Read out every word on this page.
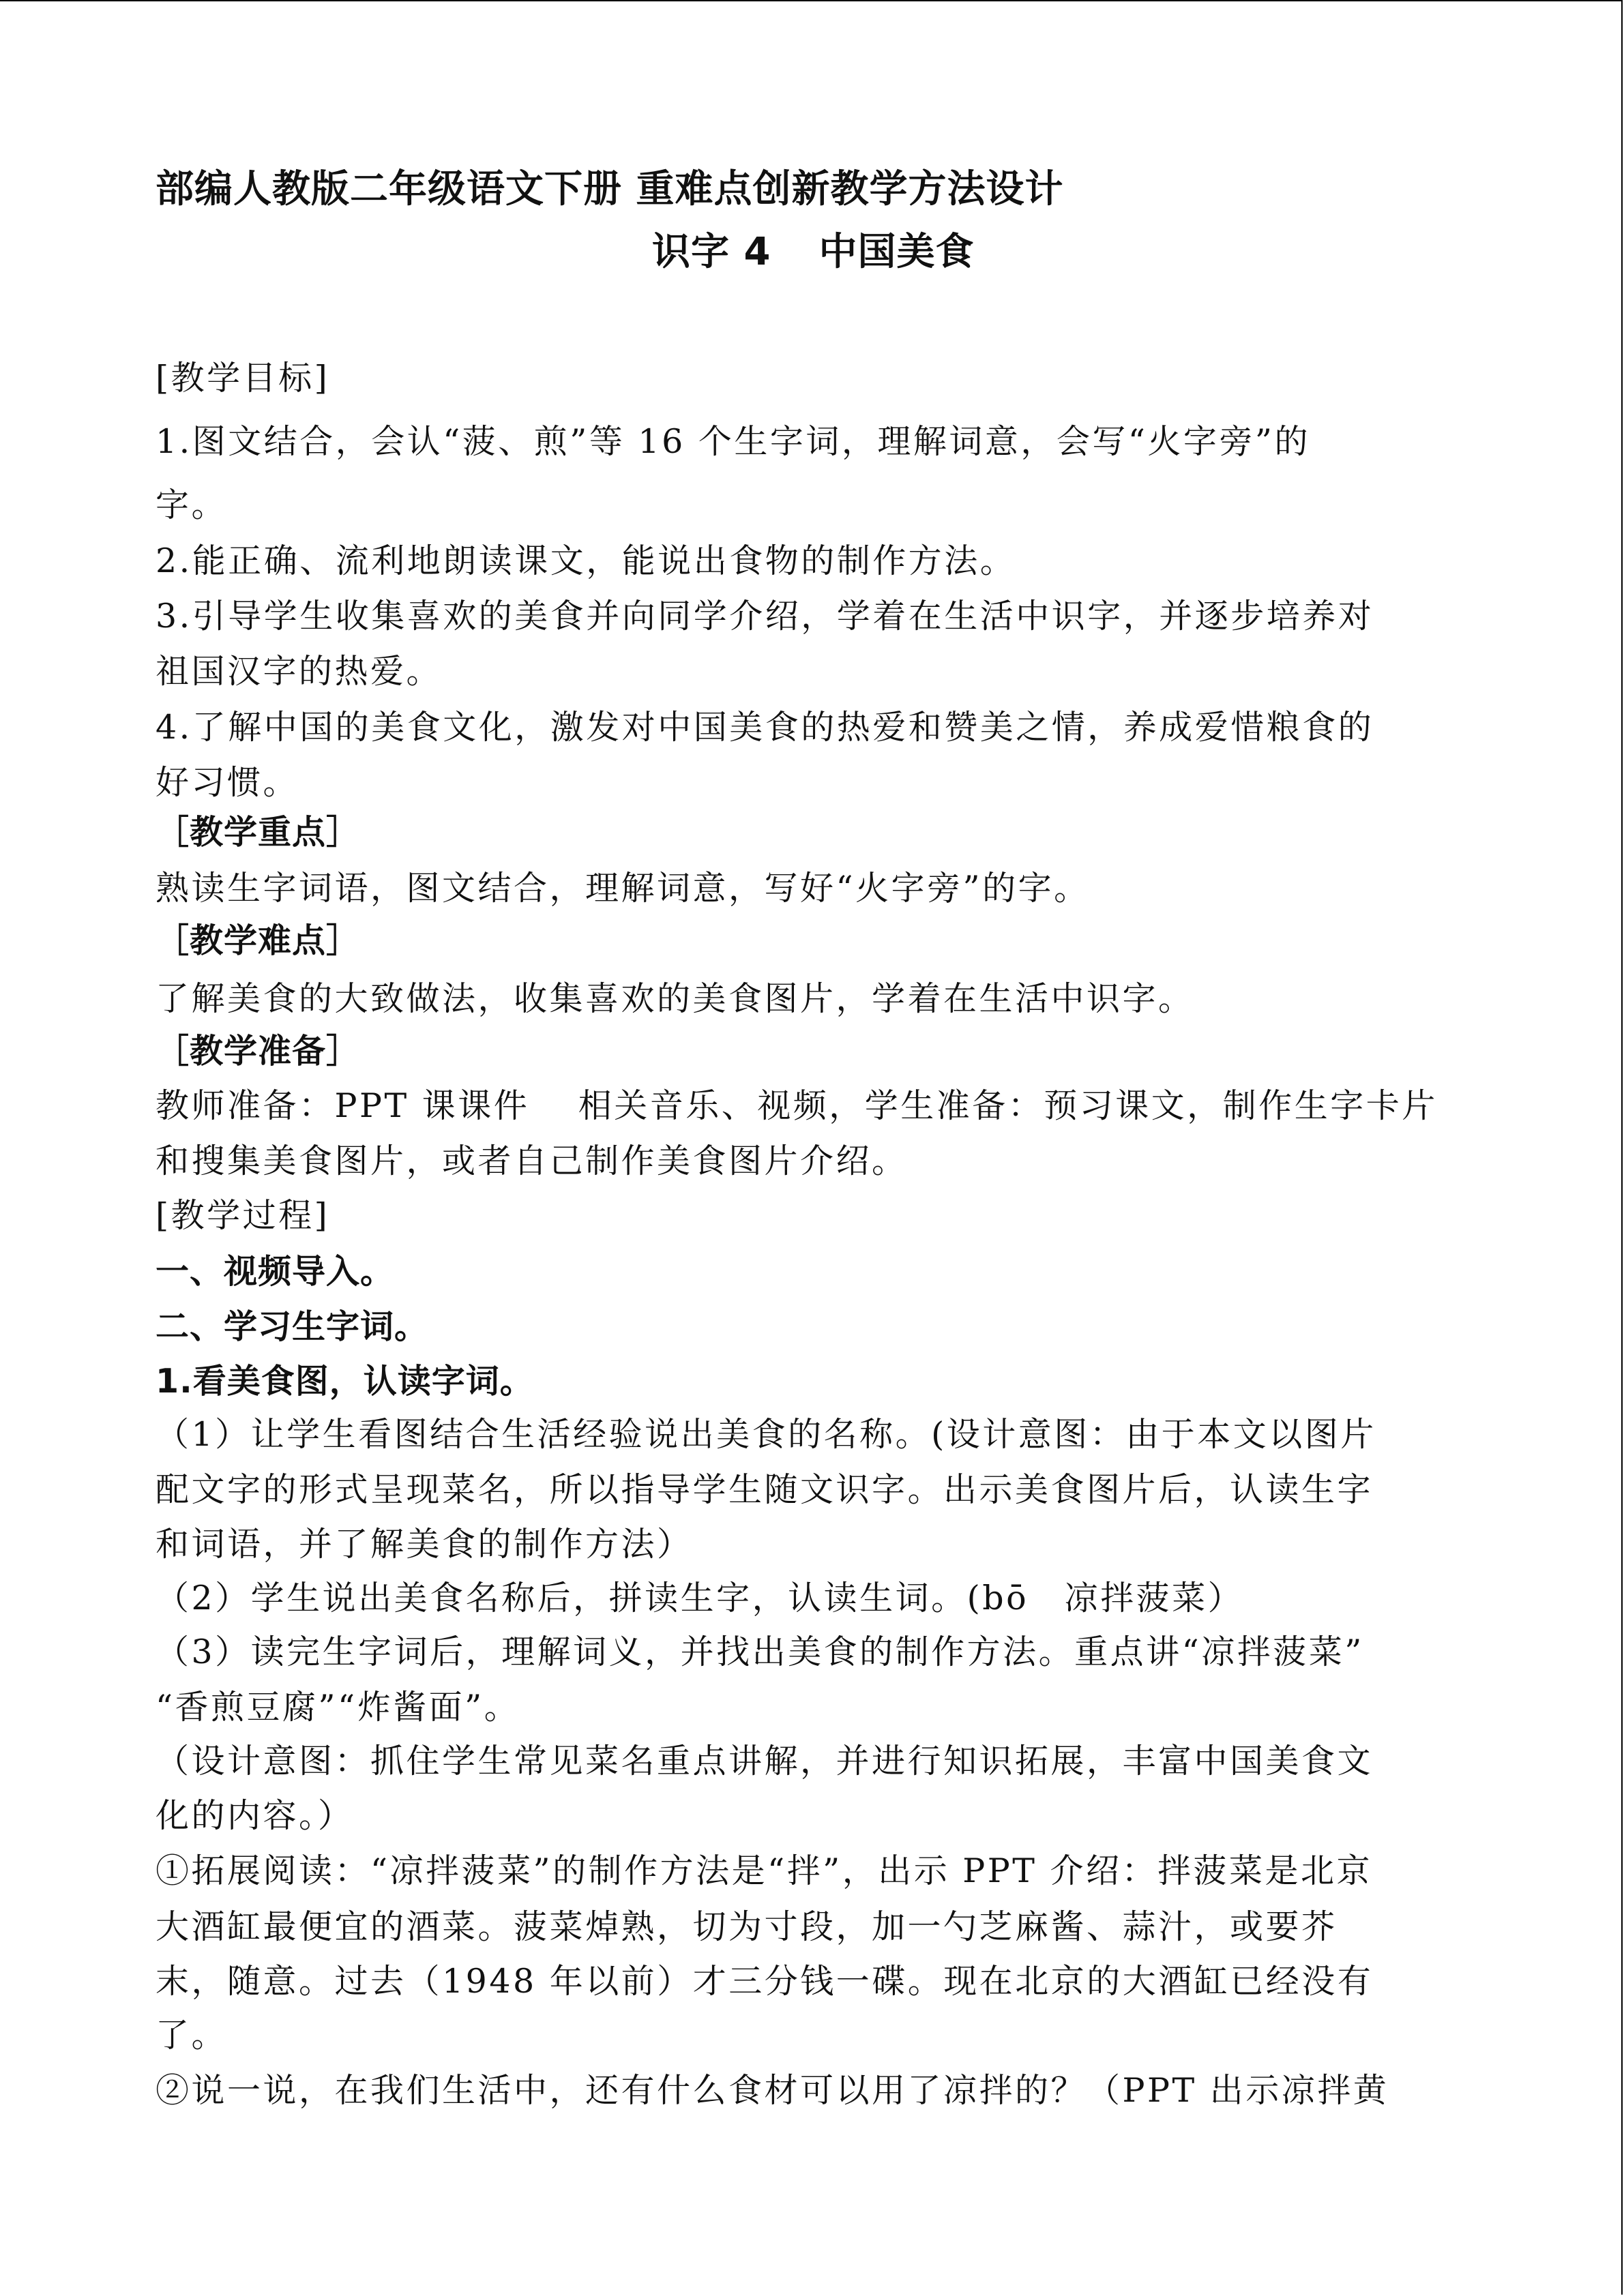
部编人教版二年级语文下册 重难点创新教学方法设计
识字 4 中国美食
[教学目标]
1.图文结合，会认“菠、煎”等 16 个生字词，理解词意，会写“火字旁”的
字。
2.能正确、流利地朗读课文，能说出食物的制作方法。
3.引导学生收集喜欢的美食并向同学介绍，学着在生活中识字，并逐步培养对
祖国汉字的热爱。
4.了解中国的美食文化，激发对中国美食的热爱和赞美之情，养成爱惜粮食的
好习惯。
［教学重点］
熟读生字词语，图文结合，理解词意，写好“火字旁”的字。
［教学难点］
了解美食的大致做法，收集喜欢的美食图片，学着在生活中识字。
［教学准备］
教师准备：PPT 课课件　 相关音乐、视频，学生准备：预习课文，制作生字卡片
和搜集美食图片，或者自己制作美食图片介绍。
[教学过程]
一、视频导入。
二、学习生字词。
1.看美食图，认读字词。
（1）让学生看图结合生活经验说出美食的名称。(设计意图：由于本文以图片
配文字的形式呈现菜名，所以指导学生随文识字。出示美食图片后，认读生字
和词语，并了解美食的制作方法）
（2）学生说出美食名称后，拼读生字，认读生词。(bō　凉拌菠菜）
（3）读完生字词后，理解词义，并找出美食的制作方法。重点讲“凉拌菠菜”
“香煎豆腐”“炸酱面”。
（设计意图：抓住学生常见菜名重点讲解，并进行知识拓展，丰富中国美食文
化的内容。）
①拓展阅读：“凉拌菠菜”的制作方法是“拌”，出示 PPT 介绍：拌菠菜是北京
大酒缸最便宜的酒菜。菠菜焯熟，切为寸段，加一勺芝麻酱、蒜汁，或要芥
末，随意。过去（1948 年以前）才三分钱一碟。现在北京的大酒缸已经没有
了。
②说一说，在我们生活中，还有什么食材可以用了凉拌的？（PPT 出示凉拌黄
